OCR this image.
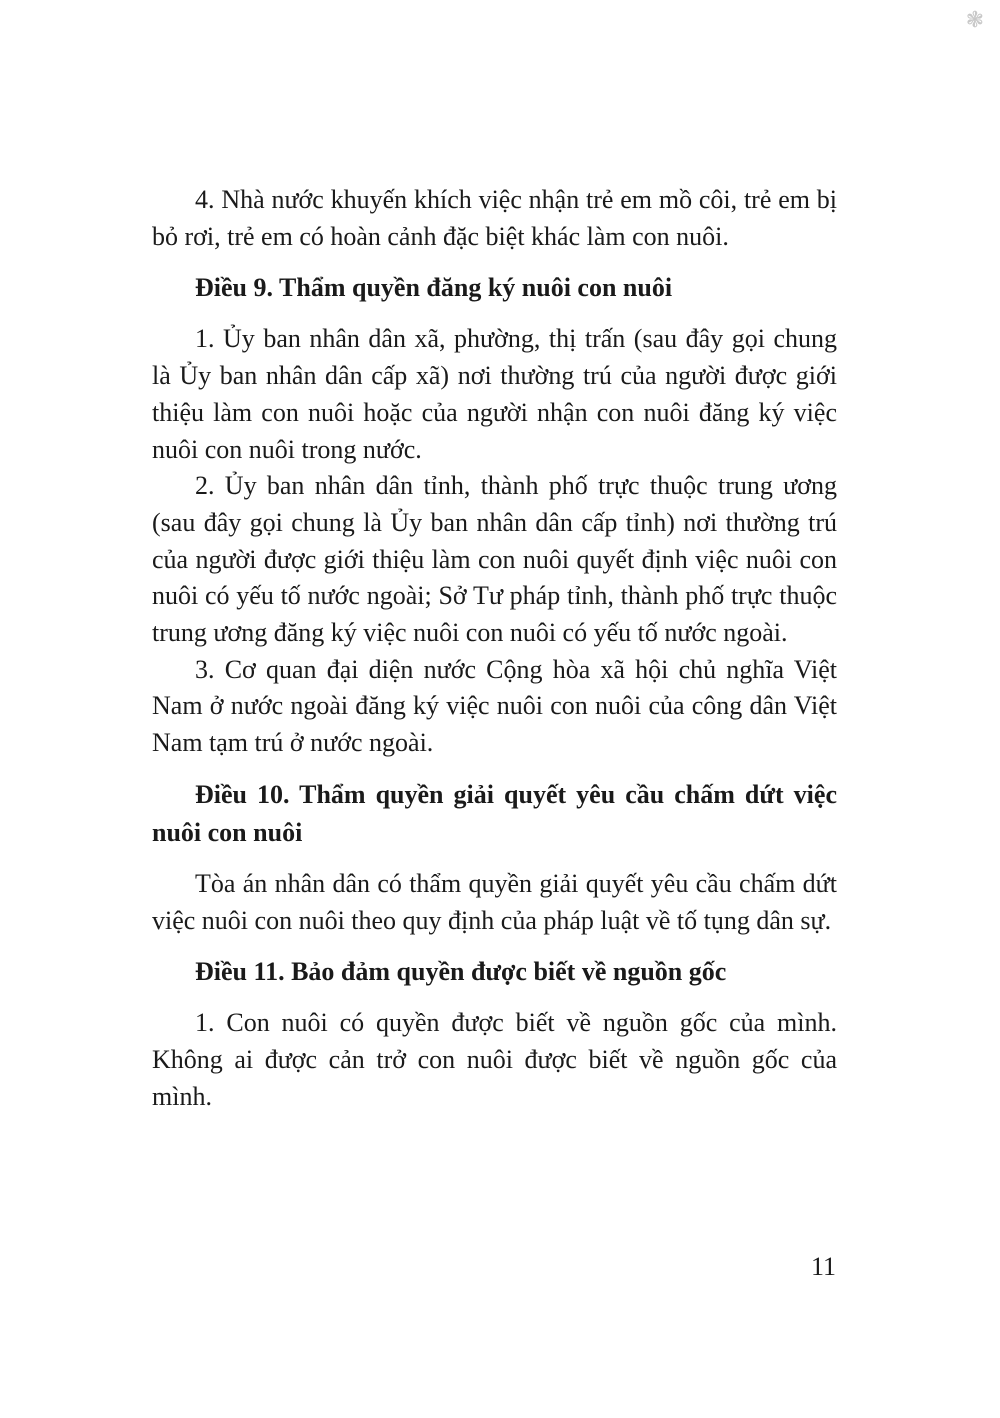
❃

4. Nhà nước khuyến khích việc nhận trẻ em mồ côi, trẻ em bị bỏ rơi, trẻ em có hoàn cảnh đặc biệt khác làm con nuôi.

Điều 9. Thẩm quyền đăng ký nuôi con nuôi

1. Ủy ban nhân dân xã, phường, thị trấn (sau đây gọi chung là Ủy ban nhân dân cấp xã) nơi thường trú của người được giới thiệu làm con nuôi hoặc của người nhận con nuôi đăng ký việc nuôi con nuôi trong nước.

2. Ủy ban nhân dân tỉnh, thành phố trực thuộc trung ương (sau đây gọi chung là Ủy ban nhân dân cấp tỉnh) nơi thường trú của người được giới thiệu làm con nuôi quyết định việc nuôi con nuôi có yếu tố nước ngoài; Sở Tư pháp tỉnh, thành phố trực thuộc trung ương đăng ký việc nuôi con nuôi có yếu tố nước ngoài.

3. Cơ quan đại diện nước Cộng hòa xã hội chủ nghĩa Việt Nam ở nước ngoài đăng ký việc nuôi con nuôi của công dân Việt Nam tạm trú ở nước ngoài.

Điều 10. Thẩm quyền giải quyết yêu cầu chấm dứt việc nuôi con nuôi

Tòa án nhân dân có thẩm quyền giải quyết yêu cầu chấm dứt việc nuôi con nuôi theo quy định của pháp luật về tố tụng dân sự.

Điều 11. Bảo đảm quyền được biết về nguồn gốc

1. Con nuôi có quyền được biết về nguồn gốc của mình. Không ai được cản trở con nuôi được biết về nguồn gốc của mình.

11
